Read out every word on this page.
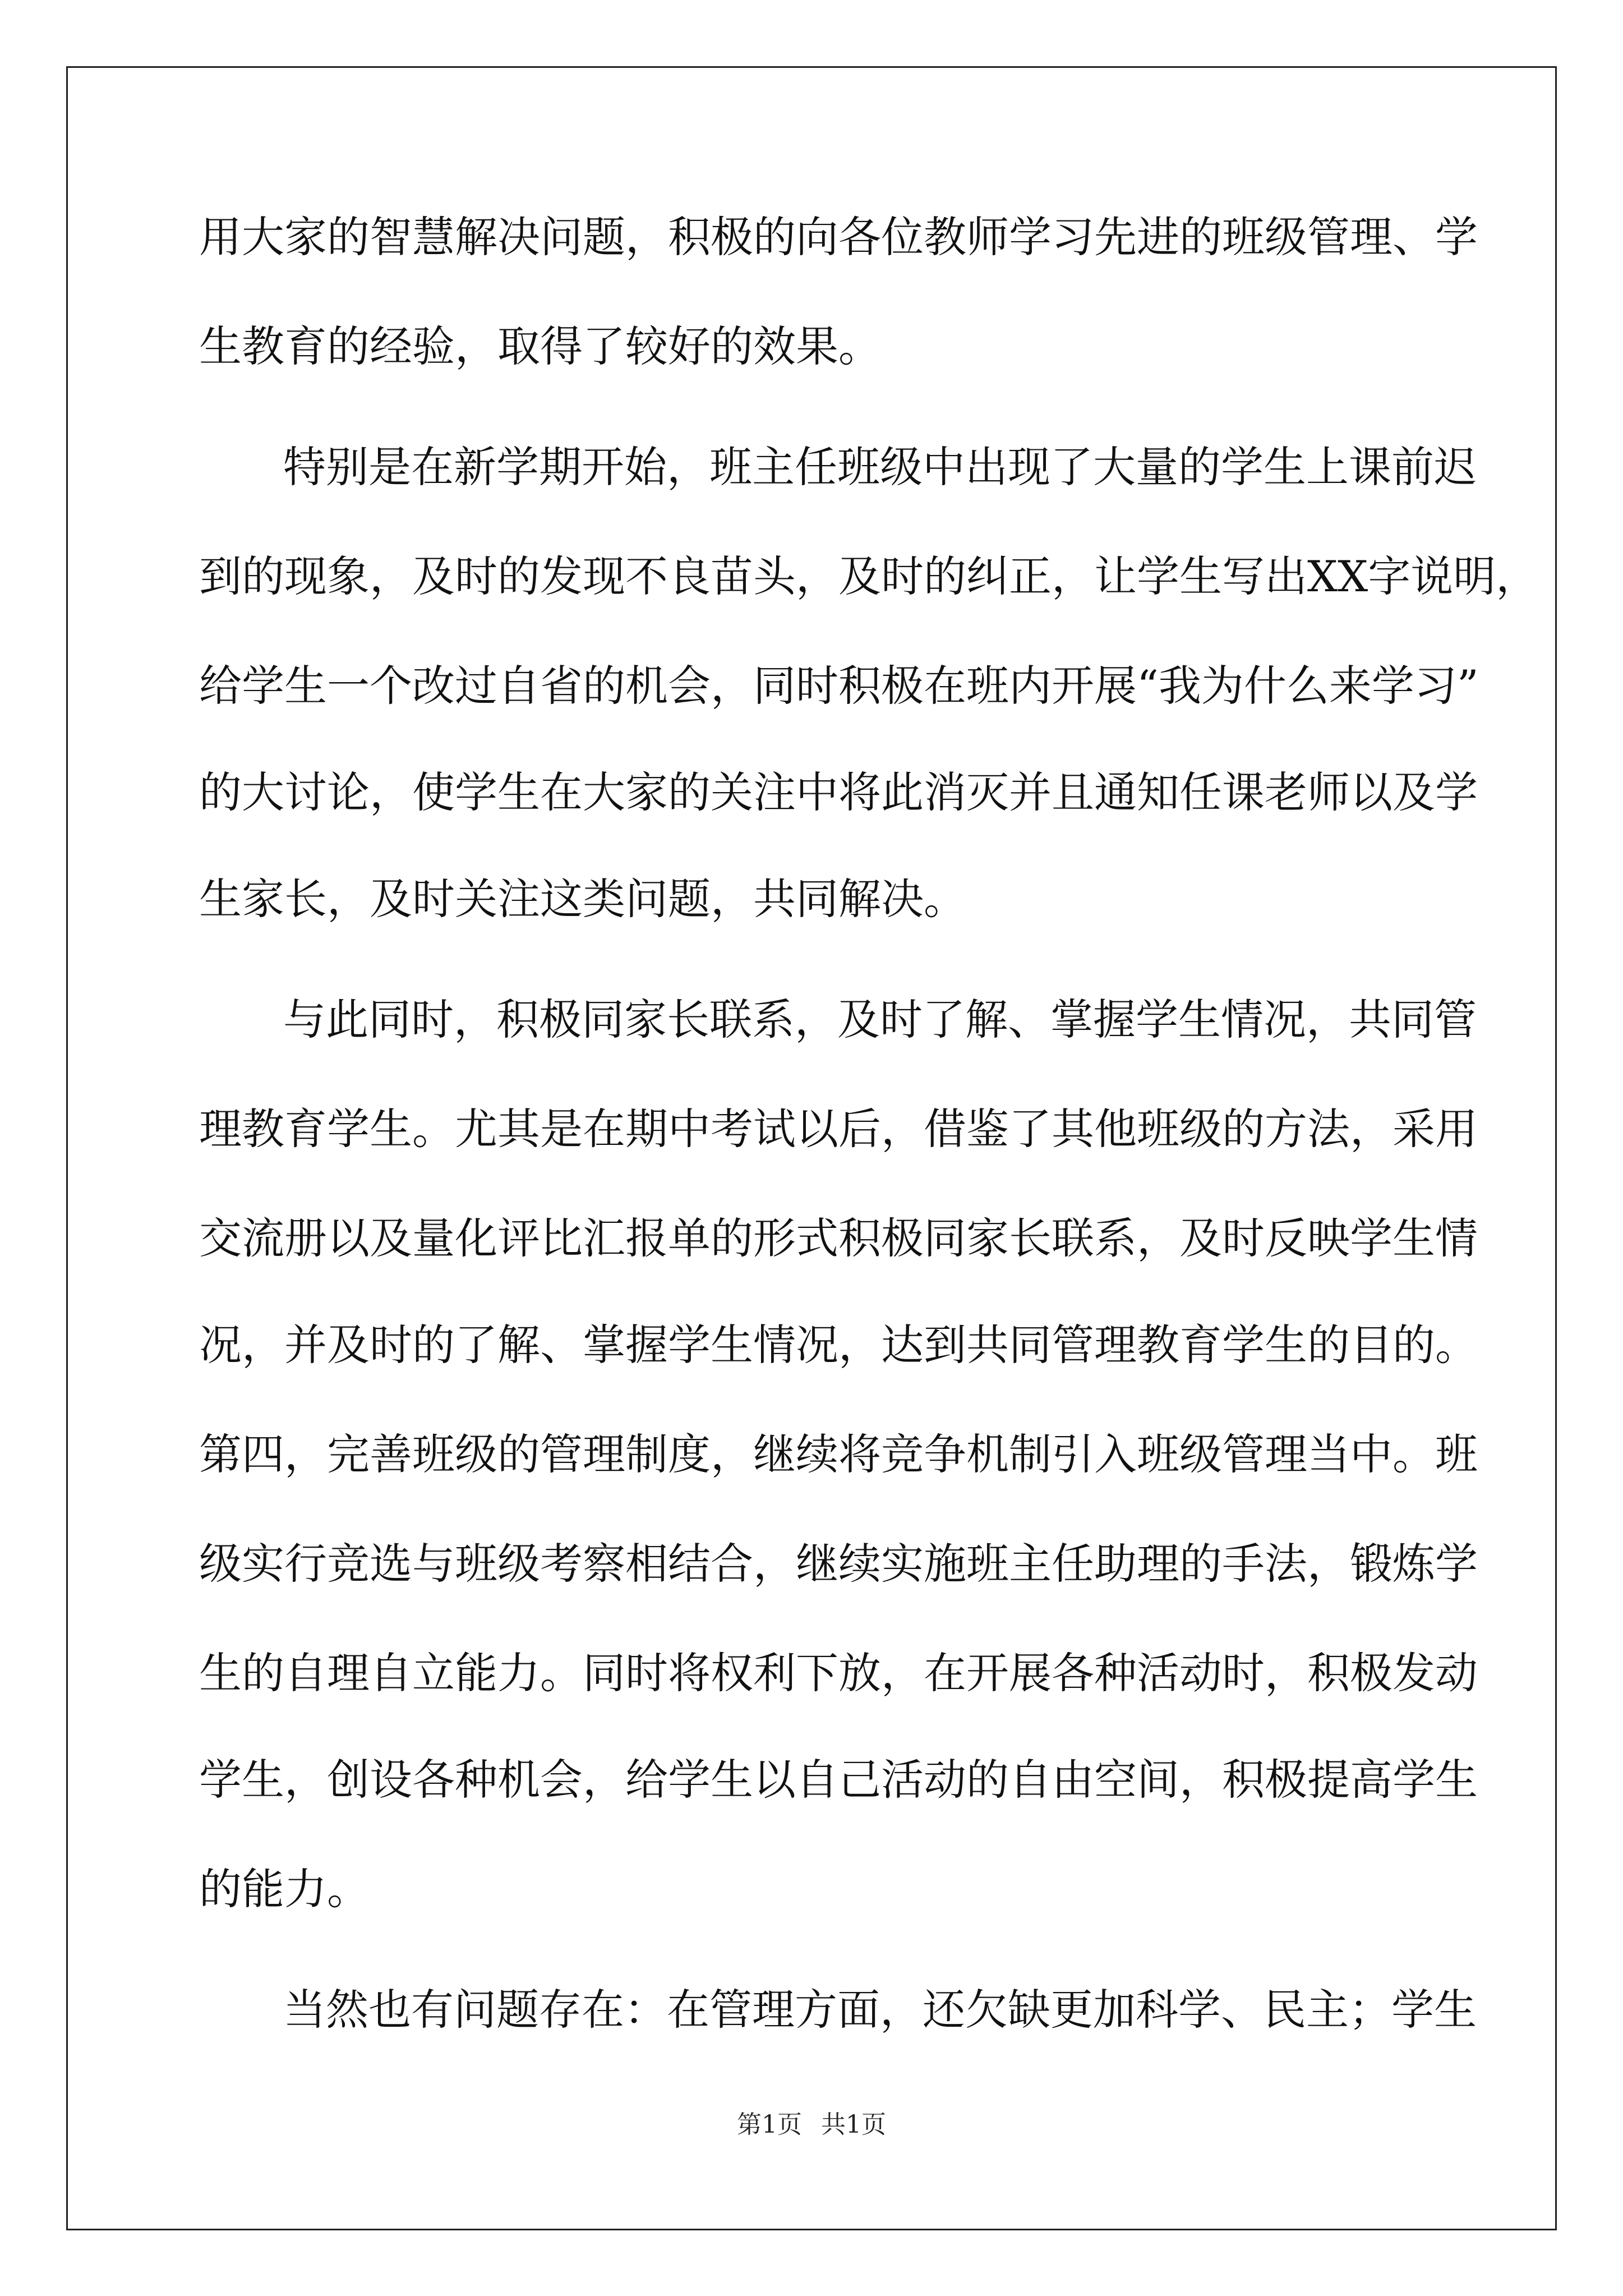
用大家的智慧解决问题，积极的向各位教师学习先进的班级管理、学
生教育的经验，取得了较好的效果。
特别是在新学期开始，班主任班级中出现了大量的学生上课前迟
到的现象，及时的发现不良苗头，及时的纠正，让学生写出XX字说明，
给学生一个改过自省的机会，同时积极在班内开展“我为什么来学习”
的大讨论，使学生在大家的关注中将此消灭并且通知任课老师以及学
生家长，及时关注这类问题，共同解决。
与此同时，积极同家长联系，及时了解、掌握学生情况，共同管
理教育学生。尤其是在期中考试以后，借鉴了其他班级的方法，采用
交流册以及量化评比汇报单的形式积极同家长联系，及时反映学生情
况，并及时的了解、掌握学生情况，达到共同管理教育学生的目的。
第四，完善班级的管理制度，继续将竞争机制引入班级管理当中。班
级实行竞选与班级考察相结合，继续实施班主任助理的手法，锻炼学
生的自理自立能力。同时将权利下放，在开展各种活动时，积极发动
学生，创设各种机会，给学生以自己活动的自由空间，积极提高学生
的能力。
当然也有问题存在：在管理方面，还欠缺更加科学、民主；学生
第1页 共1页
